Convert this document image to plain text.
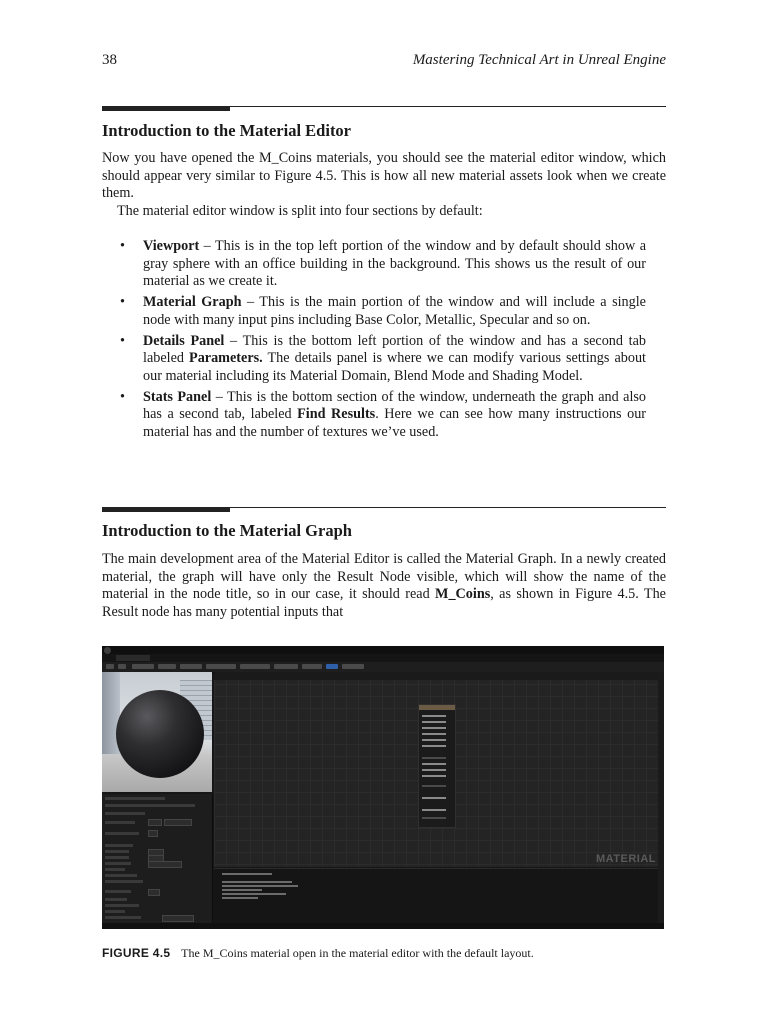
38	Mastering Technical Art in Unreal Engine
Introduction to the Material Editor

Now you have opened the M_Coins materials, you should see the material editor window, which should appear very similar to Figure 4.5. This is how all new material assets look when we create them.

The material editor window is split into four sections by default:

• Viewport – This is in the top left portion of the window and by default should show a gray sphere with an office building in the background. This shows us the result of our material as we create it.
• Material Graph – This is the main portion of the window and will include a single node with many input pins including Base Color, Metallic, Specular and so on.
• Details Panel – This is the bottom left portion of the window and has a second tab labeled Parameters. The details panel is where we can modify various settings about our material including its Material Domain, Blend Mode and Shading Model.
• Stats Panel – This is the bottom section of the window, underneath the graph and also has a second tab, labeled Find Results. Here we can see how many instructions our material has and the number of textures we’ve used.
Introduction to the Material Graph

The main development area of the Material Editor is called the Material Graph. In a newly created material, the graph will have only the Result Node visible, which will show the name of the material in the node title, so in our case, it should read M_Coins, as shown in Figure 4.5. The Result node has many potential inputs that

MATERIAL
FIGURE 4.5 The M_Coins material open in the material editor with the default layout.
